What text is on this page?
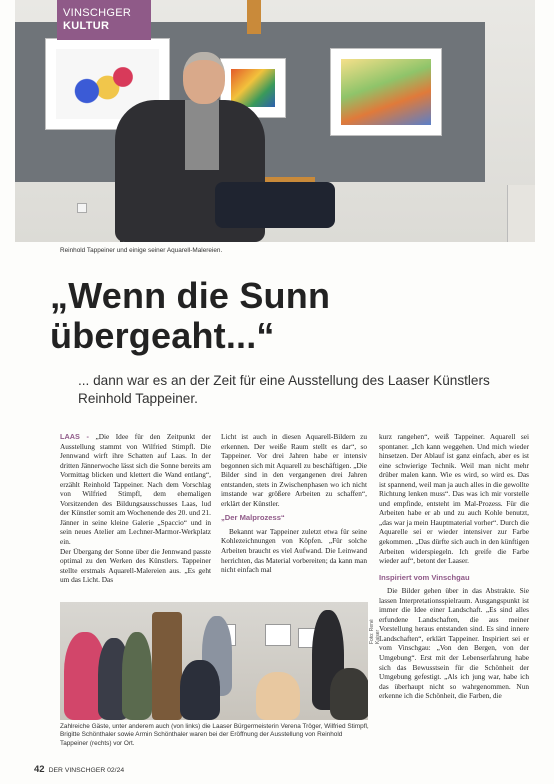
VINSCHGER
KULTUR
Reinhold Tappeiner und einige seiner Aquarell-Malereien.
„Wenn die Sunn übergeaht...“
... dann war es an der Zeit für eine Ausstellung des Laaser Künstlers Reinhold Tappeiner.

LAAS - „Die Idee für den Zeitpunkt der Ausstellung stammt von Wilfried Stimpfl. Die Jennwand wirft ihre Schatten auf Laas. In der dritten Jännerwoche lässt sich die Sonne bereits am Vormittag blicken und klettert die Wand entlang“, erzählt Reinhold Tappeiner. Nach dem Vorschlag von Wilfried Stimpfl, dem ehemaligen Vorsitzenden des Bildungsausschusses Laas, lud der Künstler somit am Wochenende des 20. und 21. Jänner in seine kleine Galerie „Spaccio“ und in sein neues Atelier am Lechner-Marmor-Werkplatz ein.

Der Übergang der Sonne über die Jennwand passte optimal zu den Werken des Künstlers. Tappeiner stellte erstmals Aquarell-Malereien aus. „Es geht um das Licht. Das

Licht ist auch in diesen Aquarell-Bildern zu erkennen. Der weiße Raum stellt es dar“, so Tappeiner. Vor drei Jahren habe er intensiv begonnen sich mit Aquarell zu beschäftigen. „Die Bilder sind in den vergangenen drei Jahren entstanden, stets in Zwischenphasen wo ich nicht imstande war größere Arbeiten zu schaffen“, erklärt der Künstler.

„Der Malprozess“

Bekannt war Tappeiner zuletzt etwa für seine Kohlezeichnungen von Köpfen. „Für solche Arbeiten braucht es viel Aufwand. Die Leinwand herrichten, das Material vorbereiten; da kann man nicht einfach mal

kurz rangehen“, weiß Tappeiner. Aquarell sei spontaner. „Ich kann weggehen. Und mich wieder hinsetzen. Der Ablauf ist ganz einfach, aber es ist eine schwierige Technik. Weil man nicht mehr drüber malen kann. Wie es wird, so wird es. Das ist spannend, weil man ja auch alles in die gewollte Richtung lenken muss“. Das was ich mir vorstelle und empfinde, entsteht im Mal-Prozess. Für die Arbeiten habe er ab und zu auch Kohle benutzt, „das war ja mein Hauptmaterial vorher“. Durch die Aquarelle sei er wieder intensiver zur Farbe gekommen. „Das dürfte sich auch in den künftigen Arbeiten widerspiegeln. Ich greife die Farbe wieder auf“, betont der Laaser.

Inspiriert vom Vinschgau

Die Bilder gehen über in das Abstrakte. Sie lassen Interpretationsspielraum. Ausgangspunkt ist immer die Idee einer Landschaft. „Es sind alles erfundene Landschaften, die aus meiner Vorstellung heraus entstanden sind. Es sind innere Landschaften“, erklärt Tappeiner. Inspiriert sei er vom Vinschgau: „Von den Bergen, von der Umgebung“. Erst mit der Lebenserfahrung habe sich das Bewusstsein für die Schönheit der Umgebung gefestigt. „Als ich jung war, habe ich das überhaupt nicht so wahrgenommen. Nun erkenne ich die Schönheit, die Farben, die

Foto: René Kaiser
Zahlreiche Gäste, unter anderem auch (von links) die Laaser Bürgermeisterin Verena Tröger, Wilfried Stimpfl, Brigitte Schönthaler sowie Armin Schönthaler waren bei der Eröffnung der Ausstellung von Reinhold Tappeiner (rechts) vor Ort.
42 DER VINSCHGER 02/24
